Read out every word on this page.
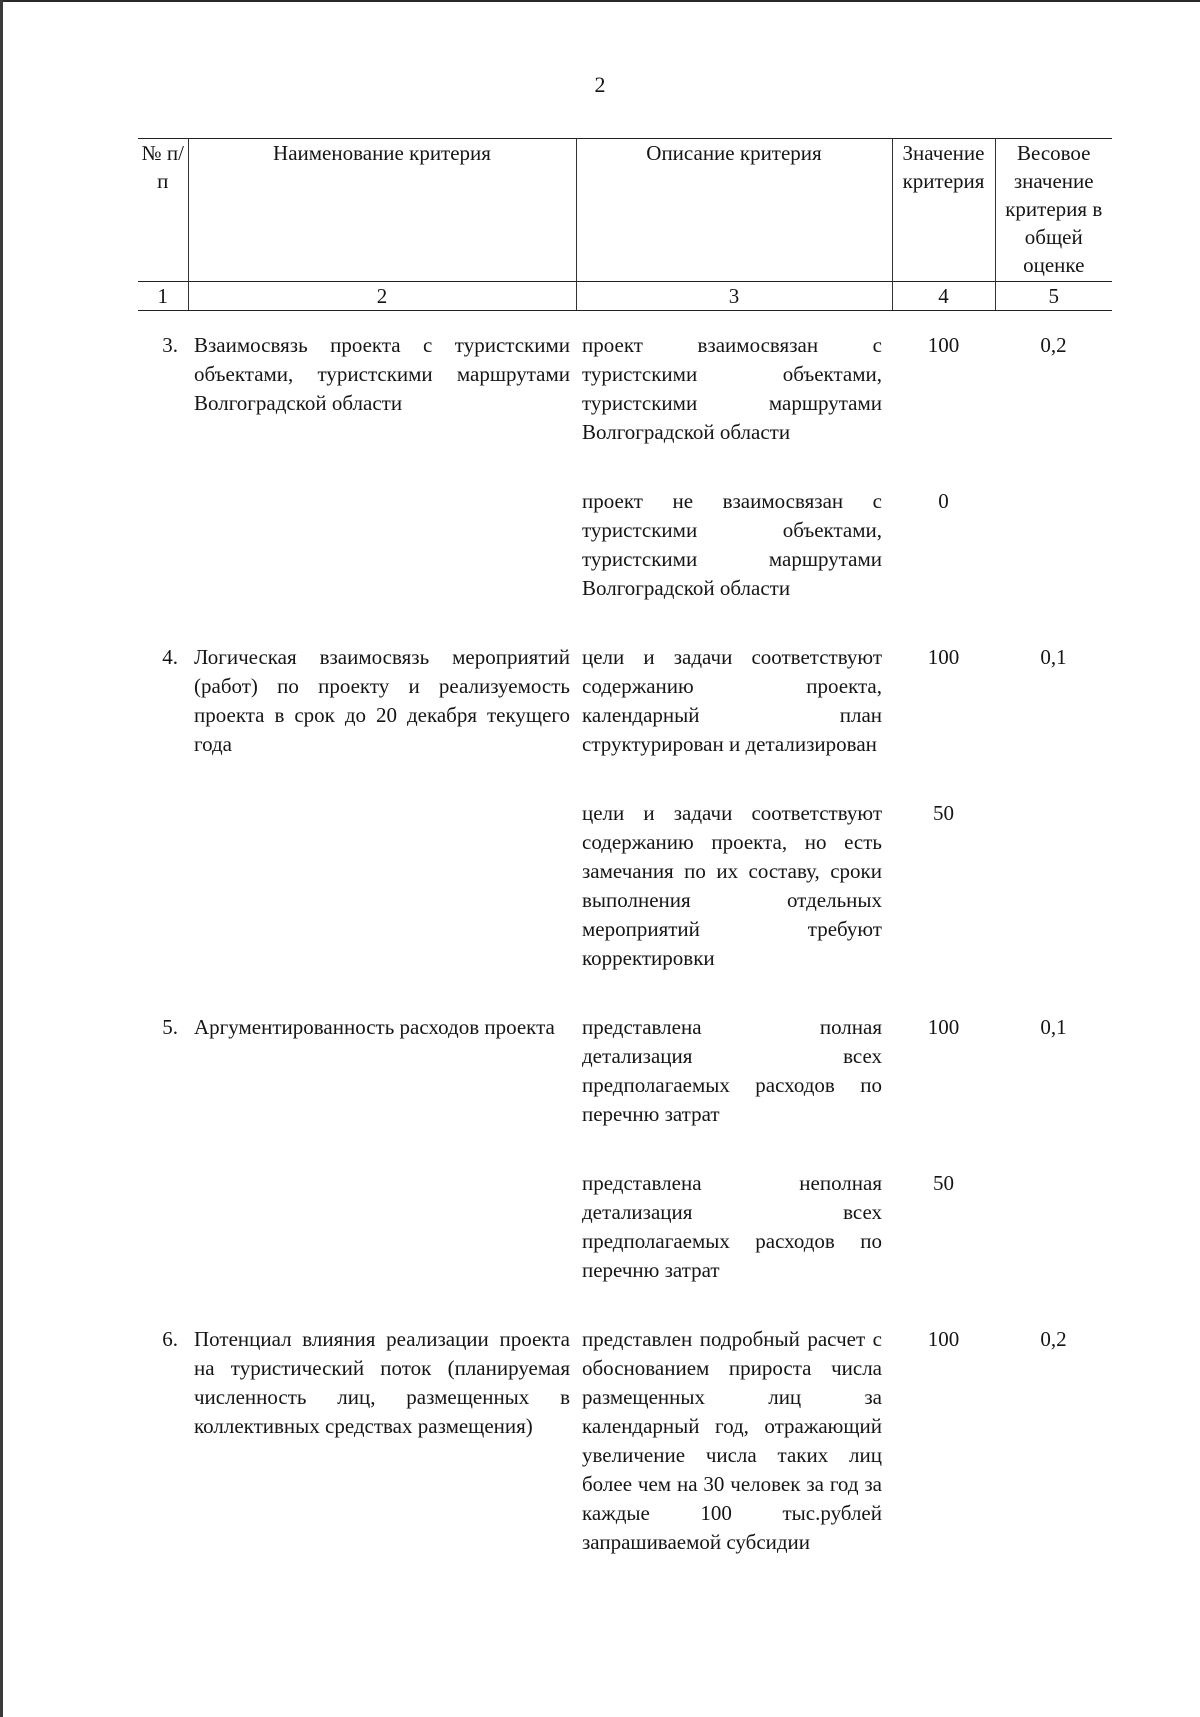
2
№ п/п	Наименование критерия	Описание критерия	Значение критерия	Весовое значение критерия в общей оценке
1	2	3	4	5
3.	Взаимосвязь проекта с туристскими объектами, туристскими маршрутами Волгоградской области	проект взаимосвязан с туристскими объектами, туристскими маршрутами Волгоградской области	100	0,2
		проект не взаимосвязан с туристскими объектами, туристскими маршрутами Волгоградской области	0	
4.	Логическая взаимосвязь мероприятий (работ) по проекту и реализуемость проекта в срок до 20 декабря текущего года	цели и задачи соответствуют содержанию проекта, календарный план структурирован и детализирован	100	0,1
		цели и задачи соответствуют содержанию проекта, но есть замечания по их составу, сроки выполнения отдельных мероприятий требуют корректировки	50	
5.	Аргументированность расходов проекта	представлена полная детализация всех предполагаемых расходов по перечню затрат	100	0,1
		представлена неполная детализация всех предполагаемых расходов по перечню затрат	50	
6.	Потенциал влияния реализации проекта на туристический поток (планируемая численность лиц, размещенных в коллективных средствах размещения)	представлен подробный расчет с обоснованием прироста числа размещенных лиц за календарный год, отражающий увеличение числа таких лиц более чем на 30 человек за год за каждые 100 тыс.рублей запрашиваемой субсидии	100	0,2
